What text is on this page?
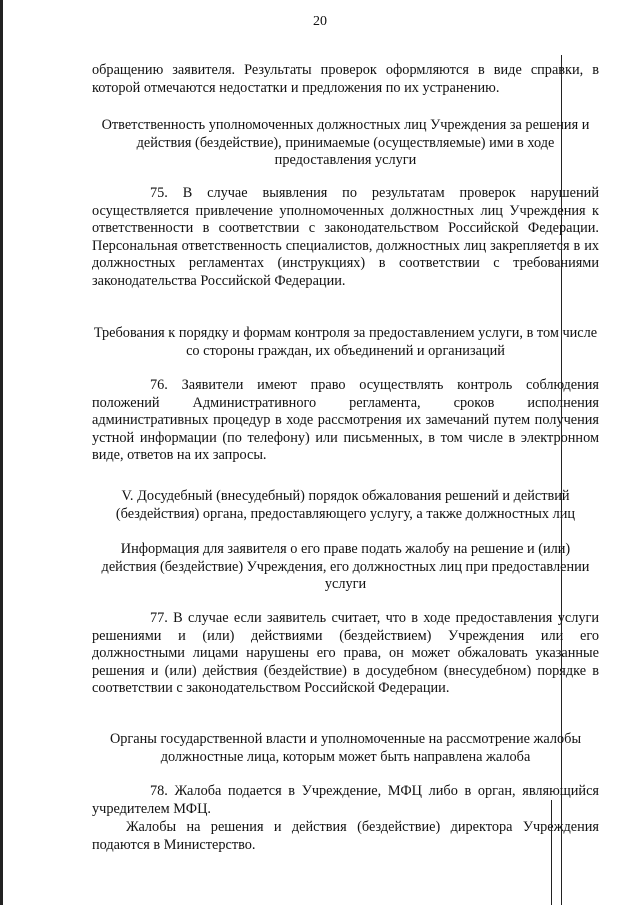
20

обращению заявителя. Результаты проверок оформляются в виде справки, в которой отмечаются недостатки и предложения по их устранению.

Ответственность уполномоченных должностных лиц Учреждения за решения и действия (бездействие), принимаемые (осуществляемые) ими в ходе предоставления услуги

75. В случае выявления по результатам проверок нарушений осуществляется привлечение уполномоченных должностных лиц Учреждения к ответственности в соответствии с законодательством Российской Федерации. Персональная ответственность специалистов, должностных лиц закрепляется в их должностных регламентах (инструкциях) в соответствии с требованиями законодательства Российской Федерации.

Требования к порядку и формам контроля за предоставлением услуги, в том числе со стороны граждан, их объединений и организаций

76. Заявители имеют право осуществлять контроль соблюдения положений Административного регламента, сроков исполнения административных процедур в ходе рассмотрения их замечаний путем получения устной информации (по телефону) или письменных, в том числе в электронном виде, ответов на их запросы.

V. Досудебный (внесудебный) порядок обжалования решений и действий (бездействия) органа, предоставляющего услугу, а также должностных лиц

Информация для заявителя о его праве подать жалобу на решение и (или) действия (бездействие) Учреждения, его должностных лиц при предоставлении услуги

77. В случае если заявитель считает, что в ходе предоставления услуги решениями и (или) действиями (бездействием) Учреждения или его должностными лицами нарушены его права, он может обжаловать указанные решения и (или) действия (бездействие) в досудебном (внесудебном) порядке в соответствии с законодательством Российской Федерации.

Органы государственной власти и уполномоченные на рассмотрение жалобы должностные лица, которым может быть направлена жалоба

78. Жалоба подается в Учреждение, МФЦ либо в орган, являющийся учредителем МФЦ.

Жалобы на решения и действия (бездействие) директора Учреждения подаются в Министерство.
